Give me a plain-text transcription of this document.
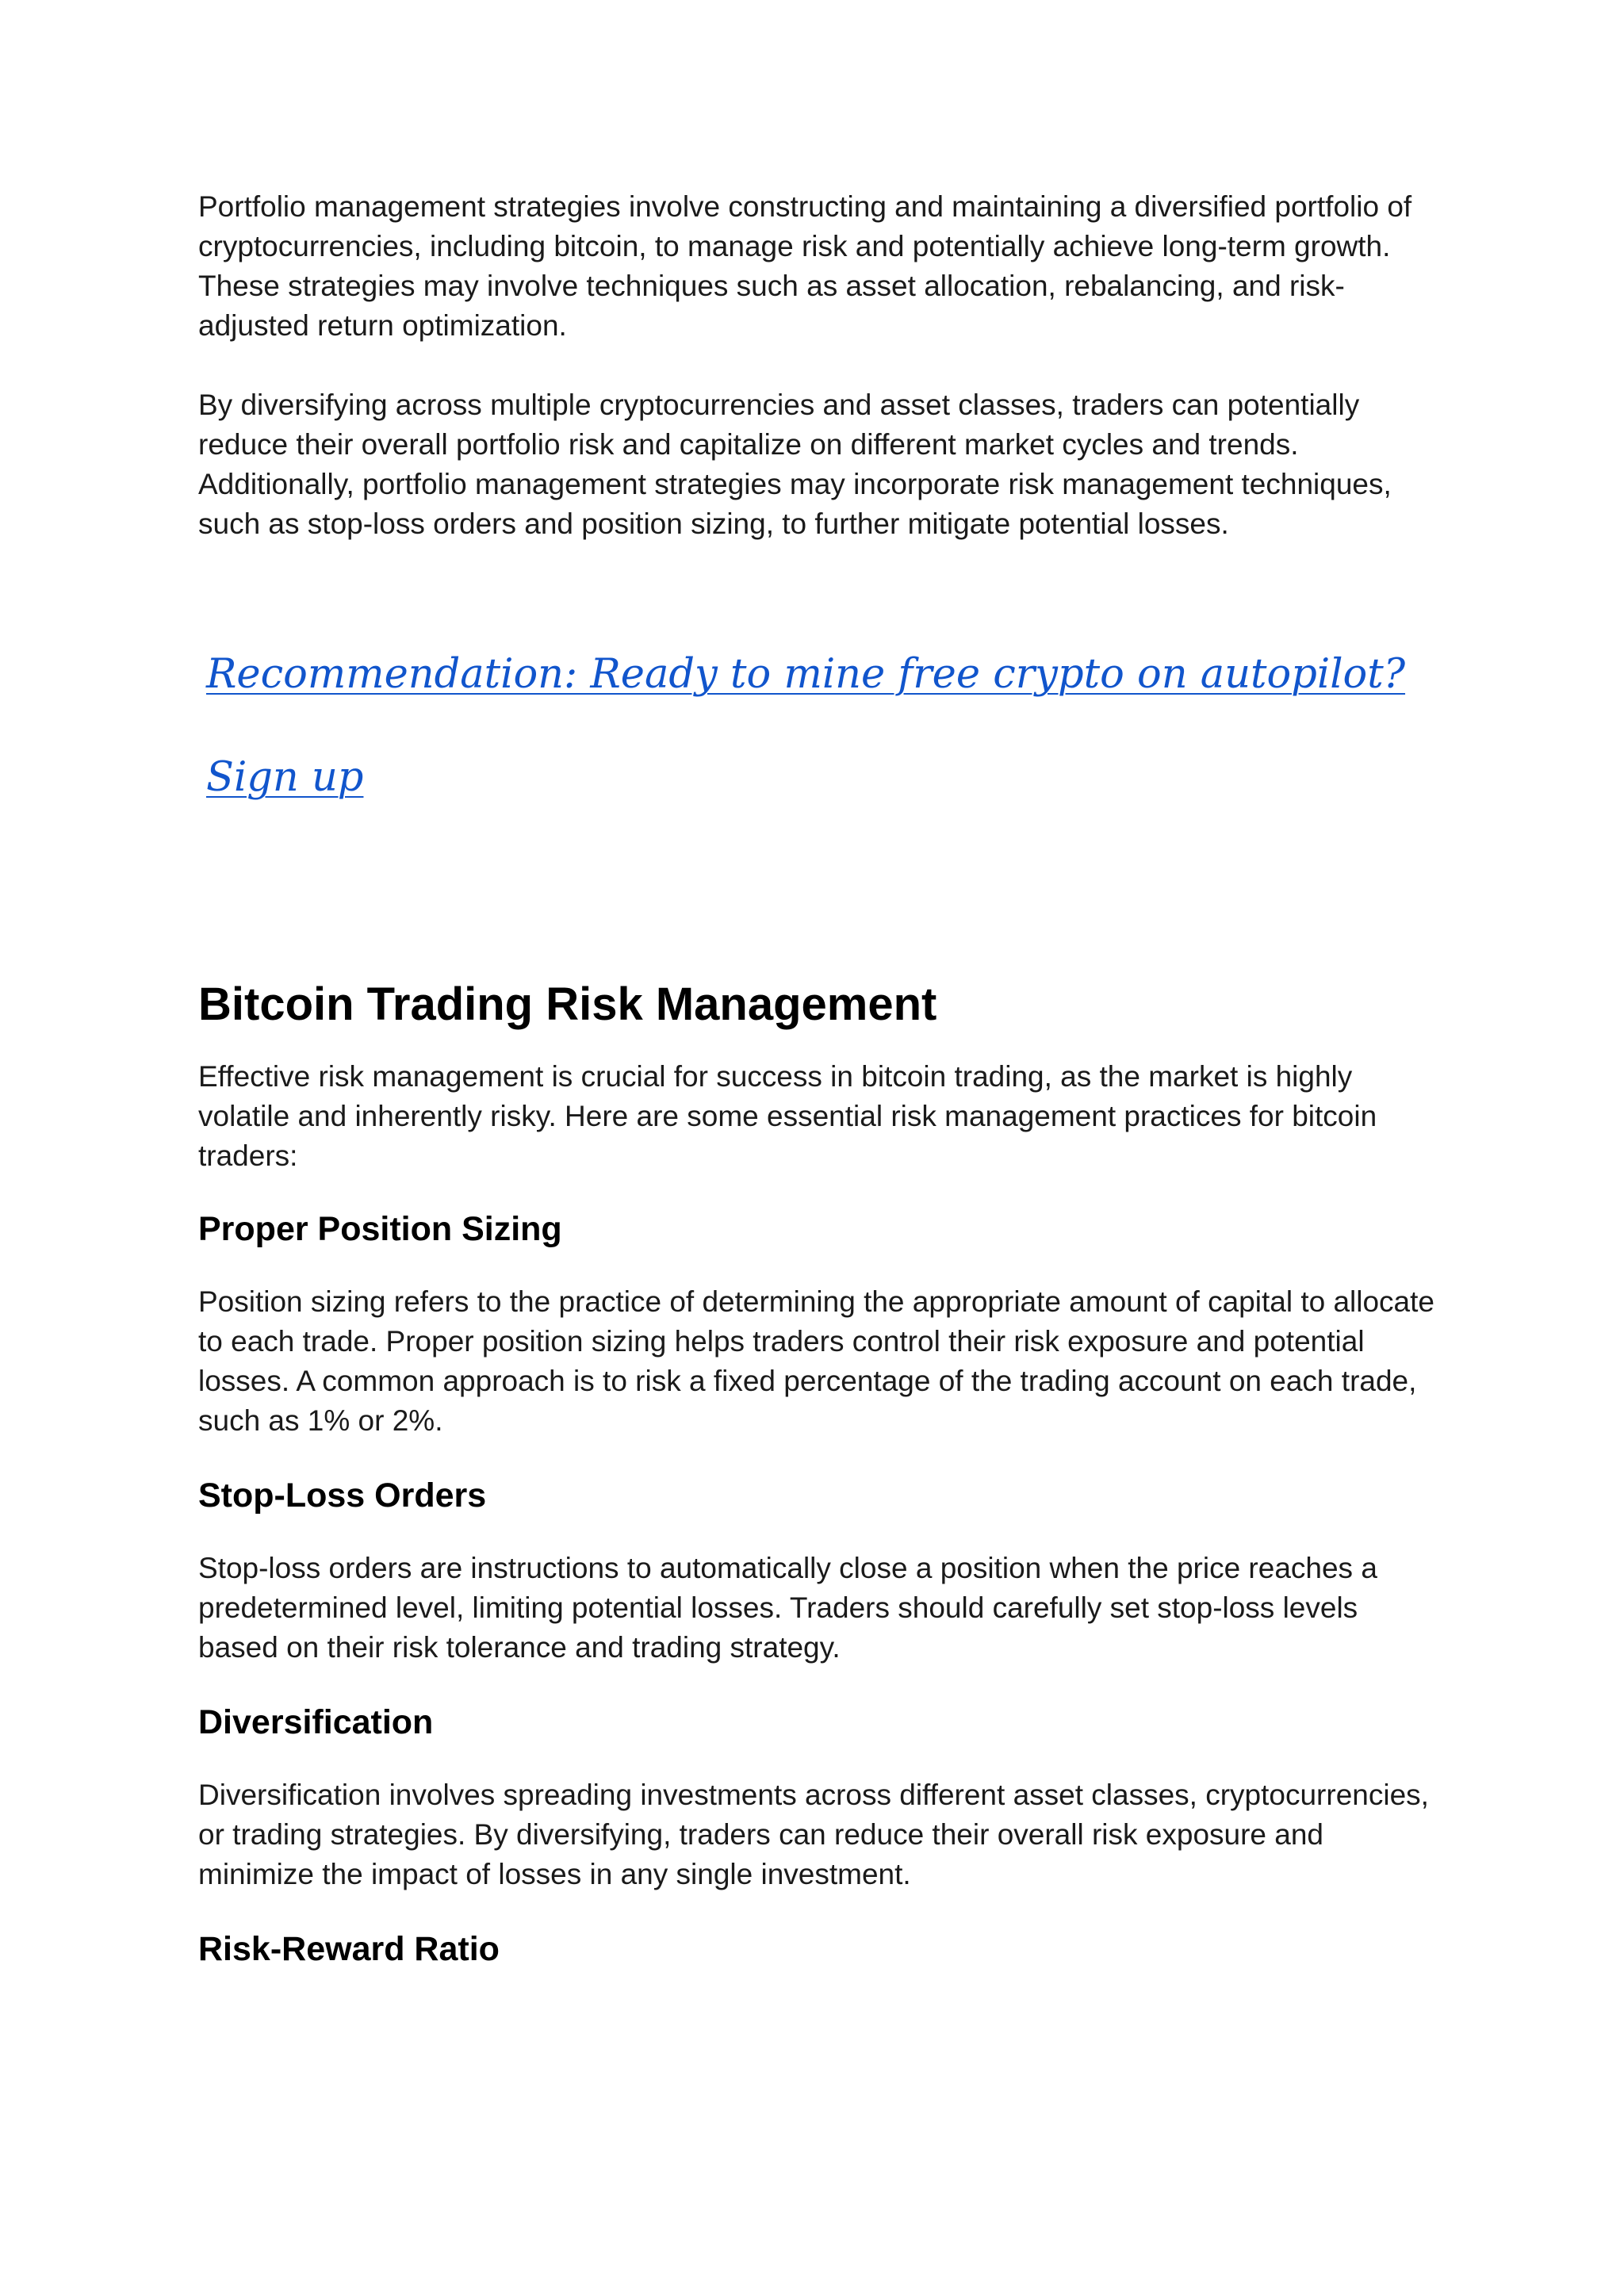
Portfolio management strategies involve constructing and maintaining a diversified portfolio of cryptocurrencies, including bitcoin, to manage risk and potentially achieve long-term growth. These strategies may involve techniques such as asset allocation, rebalancing, and risk-adjusted return optimization.

By diversifying across multiple cryptocurrencies and asset classes, traders can potentially reduce their overall portfolio risk and capitalize on different market cycles and trends. Additionally, portfolio management strategies may incorporate risk management techniques, such as stop-loss orders and position sizing, to further mitigate potential losses.

Recommendation: Ready to mine free crypto on autopilot? Sign up
Bitcoin Trading Risk Management

Effective risk management is crucial for success in bitcoin trading, as the market is highly volatile and inherently risky. Here are some essential risk management practices for bitcoin traders:

Proper Position Sizing

Position sizing refers to the practice of determining the appropriate amount of capital to allocate to each trade. Proper position sizing helps traders control their risk exposure and potential losses. A common approach is to risk a fixed percentage of the trading account on each trade, such as 1% or 2%.

Stop-Loss Orders

Stop-loss orders are instructions to automatically close a position when the price reaches a predetermined level, limiting potential losses. Traders should carefully set stop-loss levels based on their risk tolerance and trading strategy.

Diversification

Diversification involves spreading investments across different asset classes, cryptocurrencies, or trading strategies. By diversifying, traders can reduce their overall risk exposure and minimize the impact of losses in any single investment.

Risk-Reward Ratio
